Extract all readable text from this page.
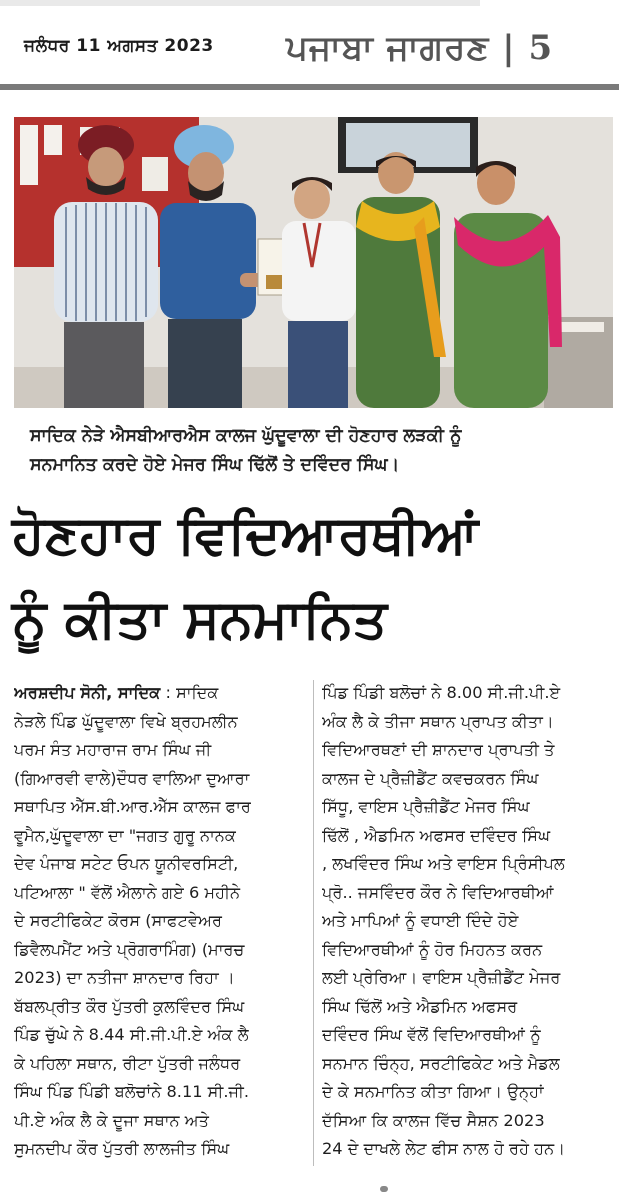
ਜਲੰਧਰ 11 ਅਗਸਤ 2023 ਪਜਾਬਾ ਜਾਗਰਣ | 5
ਸਾਦਿਕ ਨੇੜੇ ਐਸਬੀਆਰਐਸ ਕਾਲਜ ਘੁੱਦੂਵਾਲਾ ਦੀ ਹੋਣਹਾਰ ਲੜਕੀ ਨੂੰ
ਸਨਮਾਨਿਤ ਕਰਦੇ ਹੋਏ ਮੇਜਰ ਸਿੰਘ ਢਿੱਲੋਂ ਤੇ ਦਵਿੰਦਰ ਸਿੰਘ।
ਹੋਣਹਾਰ ਵਿਦਿਆਰਥੀਆਂ
ਨੂੰ ਕੀਤਾ ਸਨਮਾਨਿਤ

ਅਰਸ਼ਦੀਪ ਸੋਨੀ, ਸਾਦਿਕ : ਸਾਦਿਕ

ਨੇੜਲੇ ਪਿੰਡ ਘੁੱਦੂਵਾਲਾ ਵਿਖੇ ਬ੍ਰਹਮਲੀਨ

ਪਰਮ ਸੰਤ ਮਹਾਰਾਜ ਰਾਮ ਸਿੰਘ ਜੀ

(ਗਿਆਰਵੀ ਵਾਲੇ)ਦੌਧਰ ਵਾਲਿਆ ਦੁਆਰਾ

ਸਥਾਪਿਤ ਐੱਸ.ਬੀ.ਆਰ.ਐੱਸ ਕਾਲਜ ਫਾਰ

ਵੂਮੈਨ,ਘੁੱਦੂਵਾਲਾ ਦਾ "ਜਗਤ ਗੁਰੂ ਨਾਨਕ

ਦੇਵ ਪੰਜਾਬ ਸਟੇਟ ਓਪਨ ਯੂਨੀਵਰਸਿਟੀ,

ਪਟਿਆਲਾ " ਵੱਲੋਂ ਐਲਾਨੇ ਗਏ 6 ਮਹੀਨੇ

ਦੇ ਸਰਟੀਫਿਕੇਟ ਕੋਰਸ (ਸਾਫਟਵੇਅਰ

ਡਿਵੈਲਪਮੈਂਟ ਅਤੇ ਪ੍ਰੋਗਰਾਮਿੰਗ) (ਮਾਰਚ

2023) ਦਾ ਨਤੀਜਾ ਸ਼ਾਨਦਾਰ ਰਿਹਾ ।

ਬੱਬਲਪ੍ਰੀਤ ਕੌਰ ਪੁੱਤਰੀ ਕੁਲਵਿੰਦਰ ਸਿੰਘ

ਪਿੰਡ ਚੁੱਘੇ ਨੇ 8.44 ਸੀ.ਜੀ.ਪੀ.ਏ ਅੰਕ ਲੈ

ਕੇ ਪਹਿਲਾ ਸਥਾਨ, ਰੀਟਾ ਪੁੱਤਰੀ ਜਲੰਧਰ

ਸਿੰਘ ਪਿੰਡ ਪਿੰਡੀ ਬਲੋਚਾਂਨੇ 8.11 ਸੀ.ਜੀ.

ਪੀ.ਏ ਅੰਕ ਲੈ ਕੇ ਦੂਜਾ ਸਥਾਨ ਅਤੇ

ਸੁਮਨਦੀਪ ਕੌਰ ਪੁੱਤਰੀ ਲਾਲਜੀਤ ਸਿੰਘ

ਪਿੰਡ ਪਿੰਡੀ ਬਲੋਚਾਂ ਨੇ 8.00 ਸੀ.ਜੀ.ਪੀ.ਏ

ਅੰਕ ਲੈ ਕੇ ਤੀਜਾ ਸਥਾਨ ਪ੍ਰਾਪਤ ਕੀਤਾ।

ਵਿਦਿਆਰਥਣਾਂ ਦੀ ਸ਼ਾਨਦਾਰ ਪ੍ਰਾਪਤੀ ਤੇ

ਕਾਲਜ ਦੇ ਪ੍ਰੈਜ਼ੀਡੈਂਟ ਕਵਚਕਰਨ ਸਿੰਘ

ਸਿੱਧੂ, ਵਾਇਸ ਪ੍ਰੈਜ਼ੀਡੈਂਟ ਮੇਜਰ ਸਿੰਘ

ਢਿੱਲੋਂ , ਐਡਮਿਨ ਅਫਸਰ ਦਵਿੰਦਰ ਸਿੰਘ

, ਲਖਵਿੰਦਰ ਸਿੰਘ ਅਤੇ ਵਾਇਸ ਪ੍ਰਿੰਸੀਪਲ

ਪ੍ਰੋ.. ਜਸਵਿੰਦਰ ਕੌਰ ਨੇ ਵਿਦਿਆਰਥੀਆਂ

ਅਤੇ ਮਾਪਿਆਂ ਨੂੰ ਵਧਾਈ ਦਿੰਦੇ ਹੋਏ

ਵਿਦਿਆਰਥੀਆਂ ਨੂੰ ਹੋਰ ਮਿਹਨਤ ਕਰਨ

ਲਈ ਪ੍ਰੇਰਿਆ। ਵਾਇਸ ਪ੍ਰੈਜ਼ੀਡੈਂਟ ਮੇਜਰ

ਸਿੰਘ ਢਿੱਲੋਂ ਅਤੇ ਐਡਮਿਨ ਅਫਸਰ

ਦਵਿੰਦਰ ਸਿੰਘ ਵੱਲੋਂ ਵਿਦਿਆਰਥੀਆਂ ਨੂੰ

ਸਨਮਾਨ ਚਿੰਨ੍ਹ, ਸਰਟੀਫਿਕੇਟ ਅਤੇ ਮੈਡਲ

ਦੇ ਕੇ ਸਨਮਾਨਿਤ ਕੀਤਾ ਗਿਆ। ਉਨ੍ਹਾਂ

ਦੱਸਿਆ ਕਿ ਕਾਲਜ ਵਿੱਚ ਸੈਸ਼ਨ 2023

24 ਦੇ ਦਾਖਲੇ ਲੇਟ ਫੀਸ ਨਾਲ ਹੋ ਰਹੇ ਹਨ।
